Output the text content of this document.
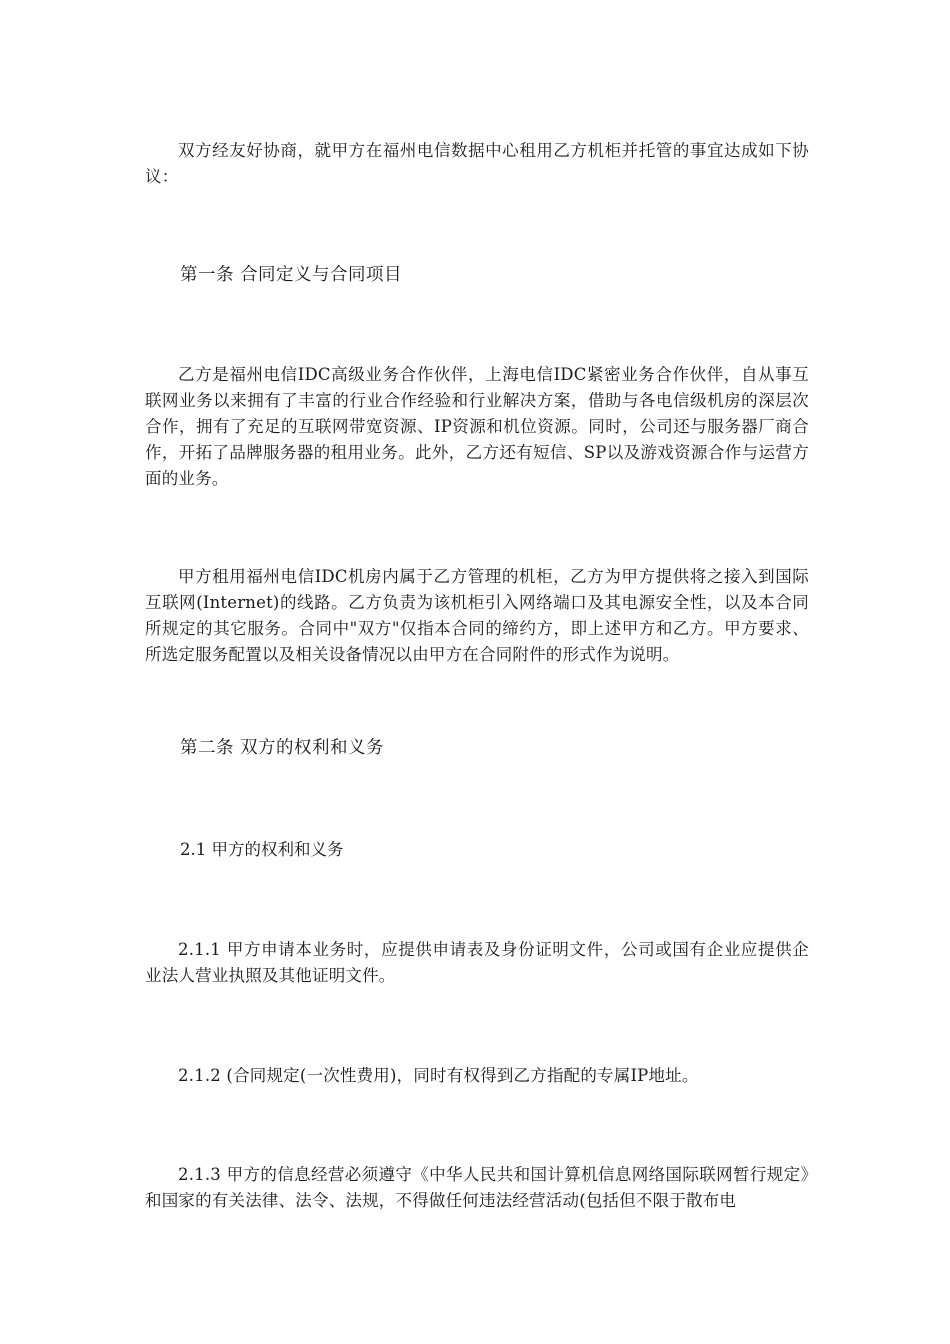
双方经友好协商，就甲方在福州电信数据中心租用乙方机柜并托管的事宜达成如下协议：

第一条 合同定义与合同项目

乙方是福州电信IDC高级业务合作伙伴，上海电信IDC紧密业务合作伙伴，自从事互联网业务以来拥有了丰富的行业合作经验和行业解决方案，借助与各电信级机房的深层次合作，拥有了充足的互联网带宽资源、IP资源和机位资源。同时，公司还与服务器厂商合作，开拓了品牌服务器的租用业务。此外，乙方还有短信、SP以及游戏资源合作与运营方面的业务。

甲方租用福州电信IDC机房内属于乙方管理的机柜，乙方为甲方提供将之接入到国际互联网(Internet)的线路。乙方负责为该机柜引入网络端口及其电源安全性，以及本合同所规定的其它服务。合同中"双方"仅指本合同的缔约方，即上述甲方和乙方。甲方要求、所选定服务配置以及相关设备情况以由甲方在合同附件的形式作为说明。

第二条 双方的权利和义务

2.1 甲方的权利和义务

2.1.1 甲方申请本业务时，应提供申请表及身份证明文件，公司或国有企业应提供企业法人营业执照及其他证明文件。

2.1.2 (合同规定(一次性费用)，同时有权得到乙方指配的专属IP地址。

2.1.3 甲方的信息经营必须遵守《中华人民共和国计算机信息网络国际联网暂行规定》和国家的有关法律、法令、法规，不得做任何违法经营活动(包括但不限于散布电
